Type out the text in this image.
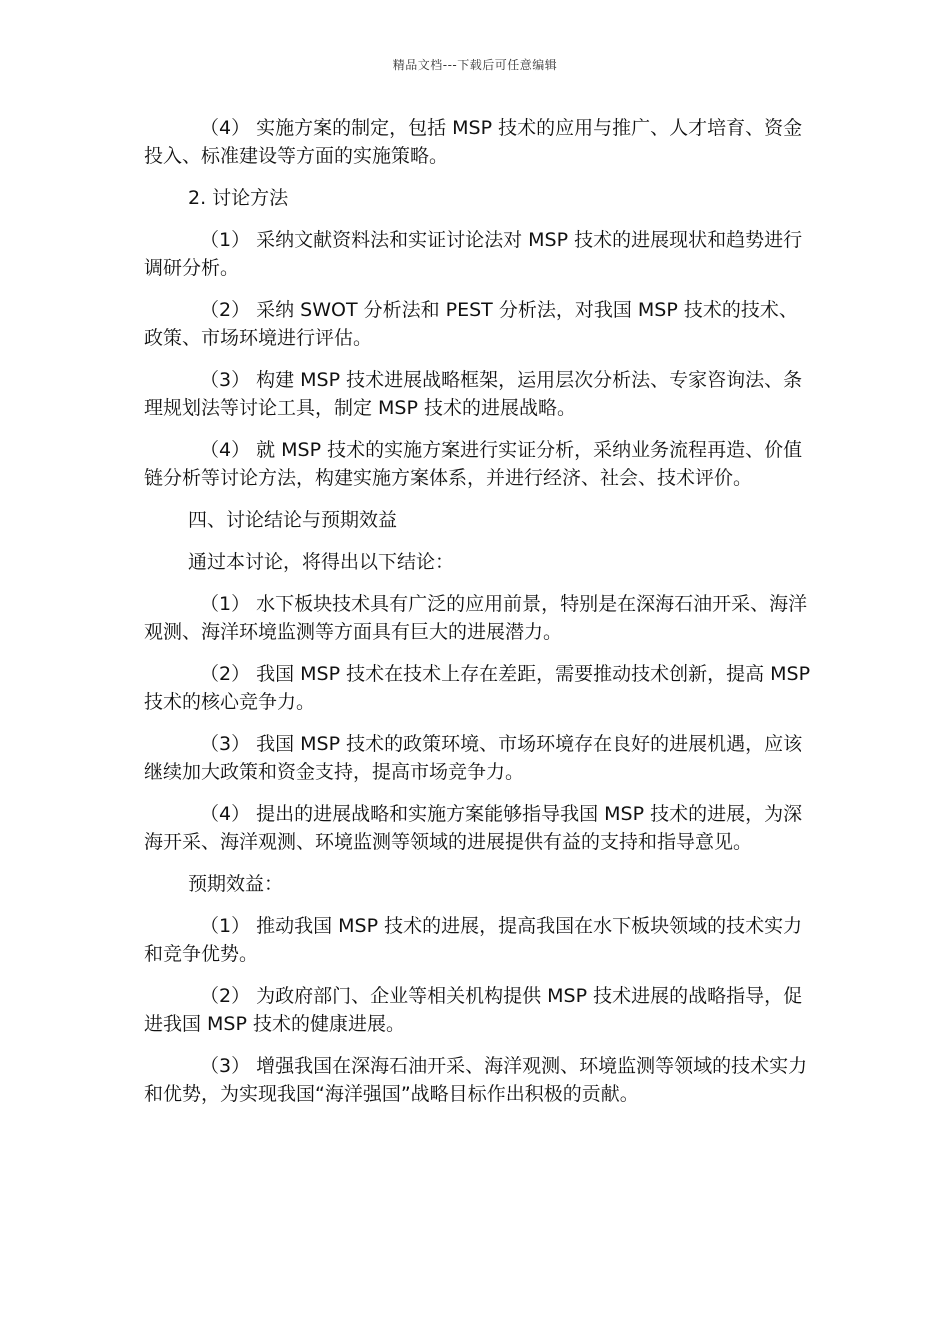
精品文档---下载后可任意编辑

（4） 实施方案的制定，包括 MSP 技术的应用与推广、人才培育、资金投入、标准建设等方面的实施策略。

2. 讨论方法

（1） 采纳文献资料法和实证讨论法对 MSP 技术的进展现状和趋势进行调研分析。

（2） 采纳 SWOT 分析法和 PEST 分析法，对我国 MSP 技术的技术、政策、市场环境进行评估。

（3） 构建 MSP 技术进展战略框架，运用层次分析法、专家咨询法、条理规划法等讨论工具，制定 MSP 技术的进展战略。

（4） 就 MSP 技术的实施方案进行实证分析，采纳业务流程再造、价值链分析等讨论方法，构建实施方案体系，并进行经济、社会、技术评价。

四、讨论结论与预期效益

通过本讨论，将得出以下结论：

（1） 水下板块技术具有广泛的应用前景，特别是在深海石油开采、海洋观测、海洋环境监测等方面具有巨大的进展潜力。

（2） 我国 MSP 技术在技术上存在差距，需要推动技术创新，提高 MSP 技术的核心竞争力。

（3） 我国 MSP 技术的政策环境、市场环境存在良好的进展机遇，应该继续加大政策和资金支持，提高市场竞争力。

（4） 提出的进展战略和实施方案能够指导我国 MSP 技术的进展，为深海开采、海洋观测、环境监测等领域的进展提供有益的支持和指导意见。

预期效益：

（1） 推动我国 MSP 技术的进展，提高我国在水下板块领域的技术实力和竞争优势。

（2） 为政府部门、企业等相关机构提供 MSP 技术进展的战略指导，促进我国 MSP 技术的健康进展。

（3） 增强我国在深海石油开采、海洋观测、环境监测等领域的技术实力和优势，为实现我国“海洋强国”战略目标作出积极的贡献。
